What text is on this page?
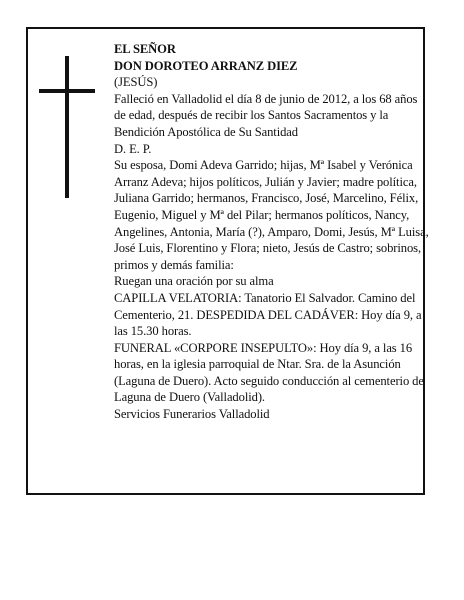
EL SEÑOR

DON DOROTEO ARRANZ DIEZ

(JESÚS)

Falleció en Valladolid el día 8 de junio de 2012, a los 68 años de edad, después de recibir los Santos Sacramentos y la Bendición Apostólica de Su Santidad

D. E. P.

Su esposa, Domi Adeva Garrido; hijas, Mª Isabel y Verónica Arranz Adeva; hijos políticos, Julián y Javier; madre política, Juliana Garrido; hermanos, Francisco, José, Marcelino, Félix, Eugenio, Miguel y Mª del Pilar; hermanos políticos, Nancy, Angelines, Antonia, María (?), Amparo, Domi, Jesús, Mª Luisa, José Luis, Florentino y Flora; nieto, Jesús de Castro; sobrinos, primos y demás familia:

Ruegan una oración por su alma

CAPILLA VELATORIA: Tanatorio El Salvador. Camino del Cementerio, 21. DESPEDIDA DEL CADÁVER: Hoy día 9, a las 15.30 horas.

FUNERAL «CORPORE INSEPULTO»: Hoy día 9, a las 16 horas, en la iglesia parroquial de Ntar. Sra. de la Asunción (Laguna de Duero). Acto seguido conducción al cementerio de Laguna de Duero (Valladolid).

Servicios Funerarios Valladolid
